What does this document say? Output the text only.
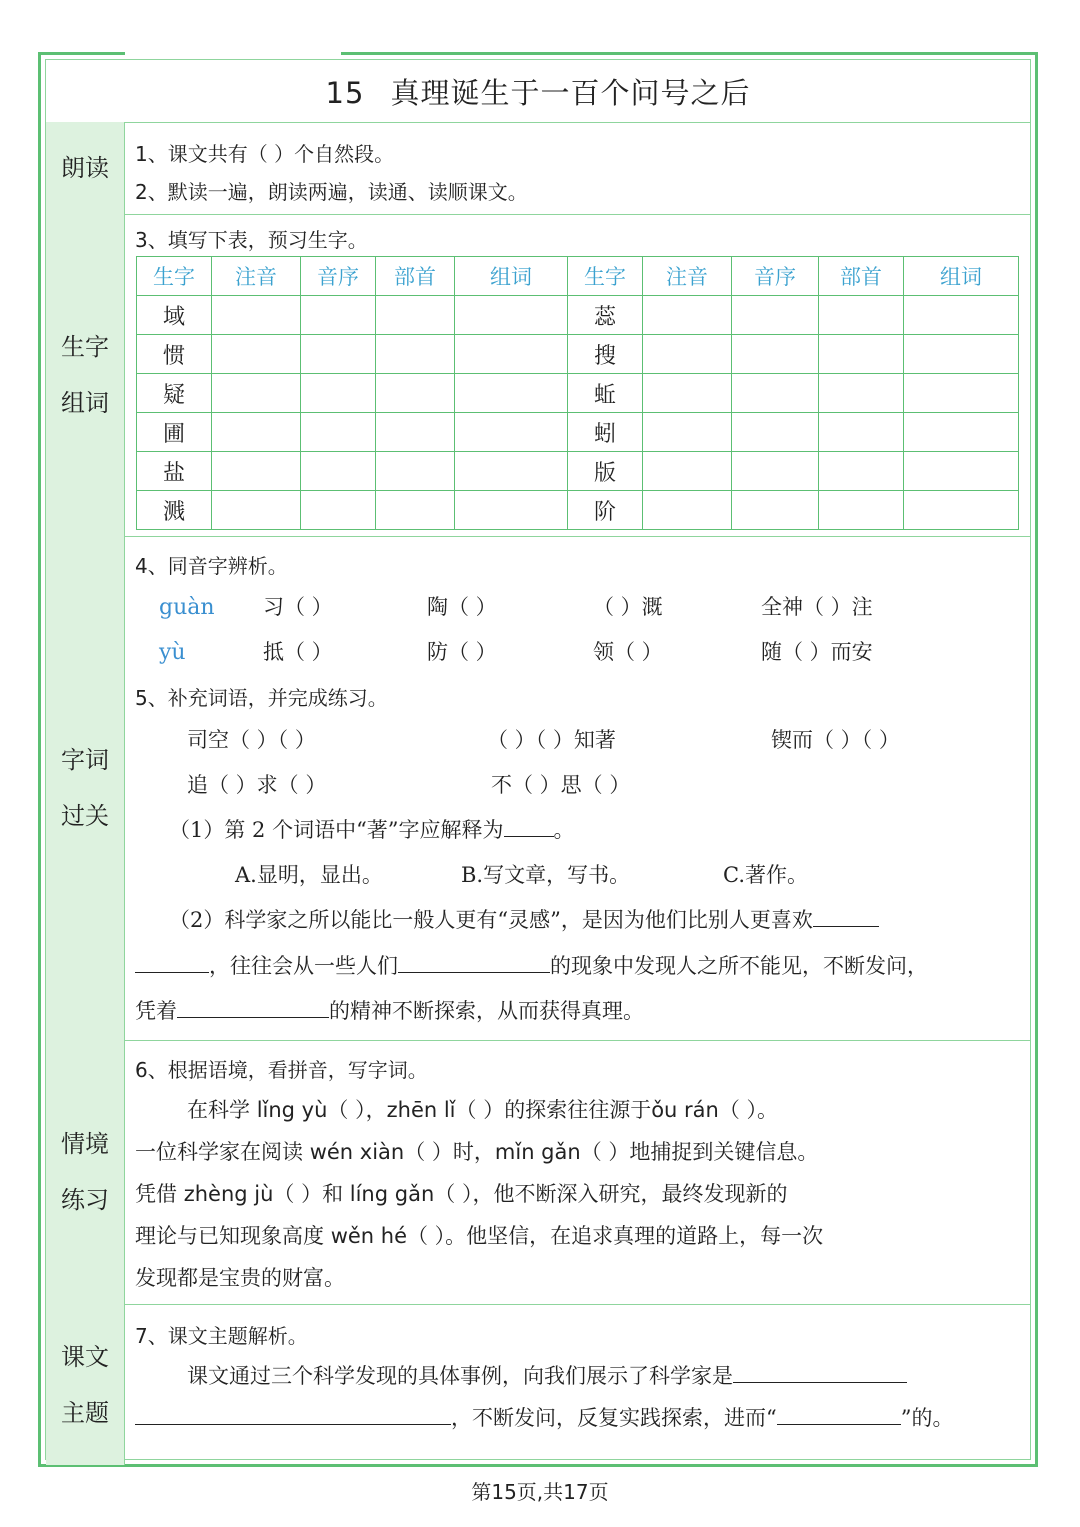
15 真理诞生于一百个问号之后
朗读 1、课文共有（ ）个自然段。
2、默读一遍，朗读两遍，读通、读顺课文。
生字
组词
3、填写下表，预习生字。
生字	注音	音序	部首	组词	生字	注音	音序	部首	组词
域					蕊				
惯					搜				
疑					蚯				
圃					蚓				
盐					版				
溅					阶				
字词
过关
4、同音字辨析。
guàn 习（ ）	陶（ ）	（ ）溉	全神（ ）注
yù	抵（ ）	防（ ）	领（ ）	随（ ）而安
5、补充词语，并完成练习。
司空（ ）（ ）	（ ）（ ）知著	锲而（ ）（ ）
追（ ）求（ ）	不（ ）思（ ）
（1）第 2 个词语中“著”字应解释为 。
A.显明，显出。	B.写文章，写书。	C.著作。
（2）科学家之所以能比一般人更有“灵感”，是因为他们比别人更喜欢
，往往会从一些人们	的现象中发现人之所不能见，不断发问，
凭着	的精神不断探索，从而获得真理。
情境
练习
6、根据语境，看拼音，写字词。
在科学 lǐng yù（ ），zhēn lǐ（ ）的探索往往源于ǒu rán（ ）。
一位科学家在阅读 wén xiàn（ ）时，mǐn gǎn（ ）地捕捉到关键信息。
凭借 zhèng jù（ ）和 líng gǎn（ ），他不断深入研究，最终发现新的
理论与已知现象高度 wěn hé（ ）。他坚信，在追求真理的道路上，每一次
发现都是宝贵的财富。
课文
主题
7、课文主题解析。
课文通过三个科学发现的具体事例，向我们展示了科学家是
，不断发问，反复实践探索，进而“	”的。
第15页,共17页
